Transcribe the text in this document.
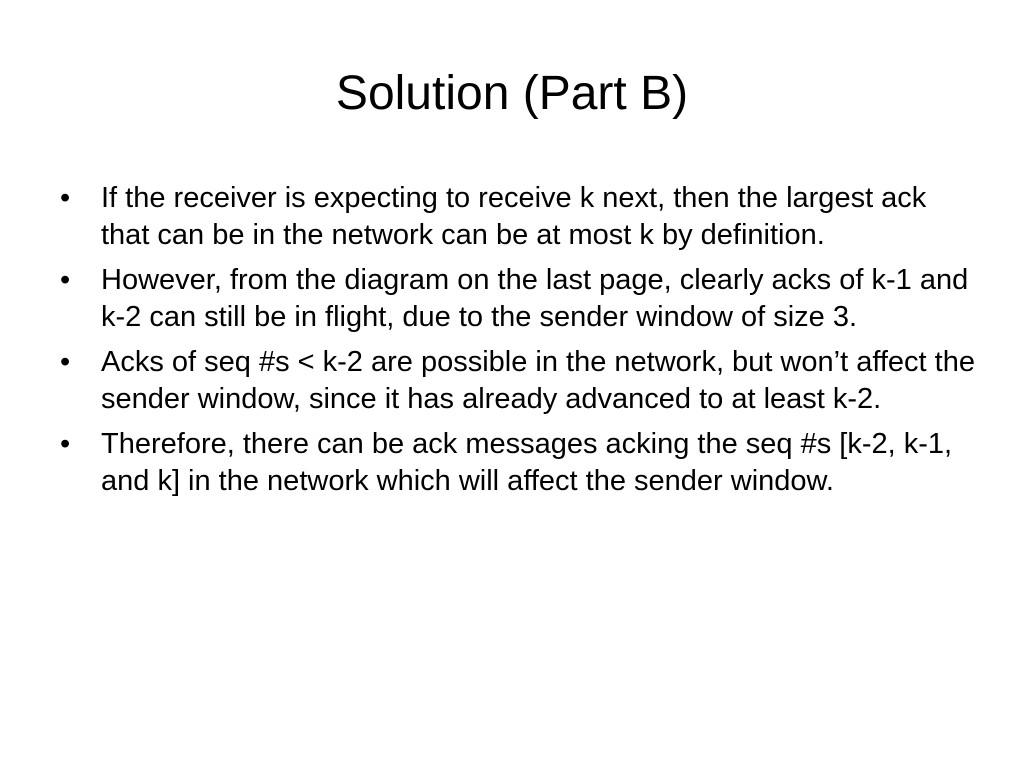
Solution (Part B)
•	If the receiver is expecting to receive k next, then the largest ack that can be in the network can be at most k by definition.
•	However, from the diagram on the last page, clearly acks of k-1 and k-2 can still be in flight, due to the sender window of size 3.
•	Acks of seq #s < k-2 are possible in the network, but won’t affect the sender window, since it has already advanced to at least k-2.
•	Therefore, there can be ack messages acking the seq #s [k-2, k-1, and k] in the network which will affect the sender window.
